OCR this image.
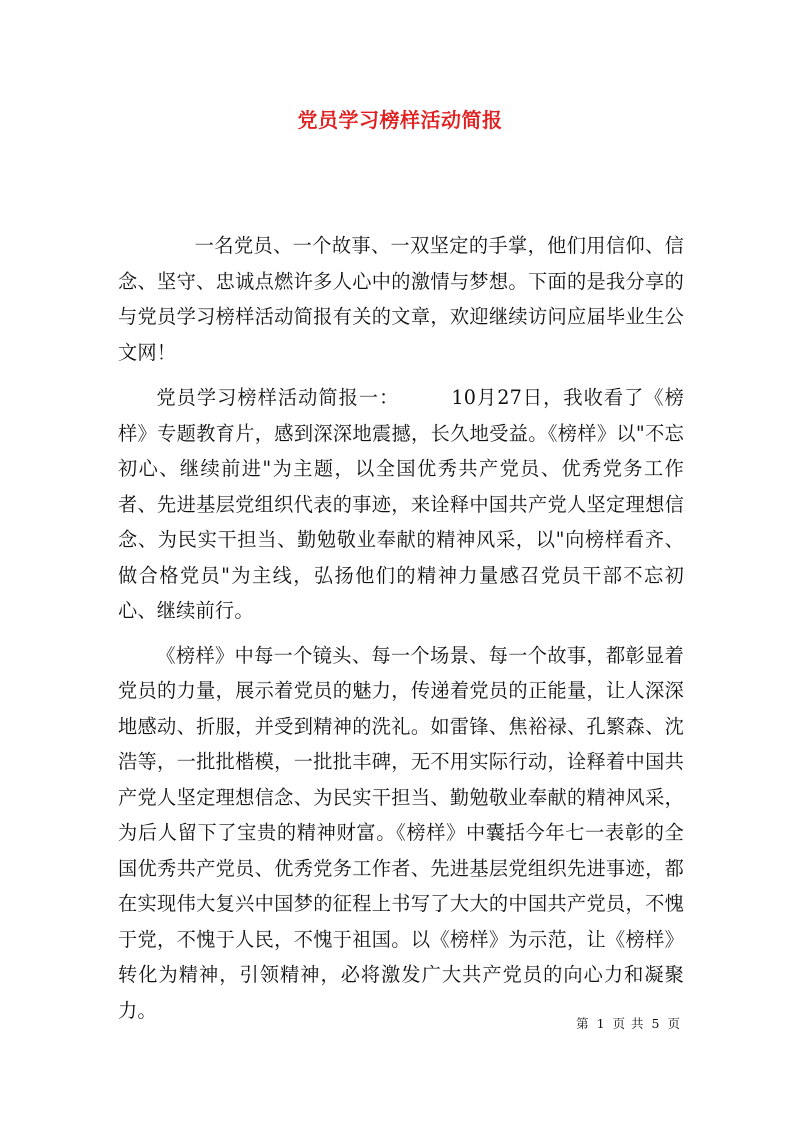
党员学习榜样活动简报

一名党员、一个故事、一双坚定的手掌，他们用信仰、信念、坚守、忠诚点燃许多人心中的激情与梦想。下面的是我分享的与党员学习榜样活动简报有关的文章，欢迎继续访问应届毕业生公文网！

党员学习榜样活动简报一：	10月27日，我收看了《榜样》专题教育片，感到深深地震撼，长久地受益。《榜样》以"不忘初心、继续前进"为主题，以全国优秀共产党员、优秀党务工作者、先进基层党组织代表的事迹，来诠释中国共产党人坚定理想信念、为民实干担当、勤勉敬业奉献的精神风采，以"向榜样看齐、做合格党员"为主线，弘扬他们的精神力量感召党员干部不忘初心、继续前行。

《榜样》中每一个镜头、每一个场景、每一个故事，都彰显着党员的力量，展示着党员的魅力，传递着党员的正能量，让人深深地感动、折服，并受到精神的洗礼。如雷锋、焦裕禄、孔繁森、沈浩等，一批批楷模，一批批丰碑，无不用实际行动，诠释着中国共产党人坚定理想信念、为民实干担当、勤勉敬业奉献的精神风采，为后人留下了宝贵的精神财富。《榜样》中囊括今年七一表彰的全国优秀共产党员、优秀党务工作者、先进基层党组织先进事迹，都在实现伟大复兴中国梦的征程上书写了大大的中国共产党员，不愧于党，不愧于人民，不愧于祖国。以《榜样》为示范，让《榜样》转化为精神，引领精神，必将激发广大共产党员的向心力和凝聚力。

第 1 页 共 5 页
